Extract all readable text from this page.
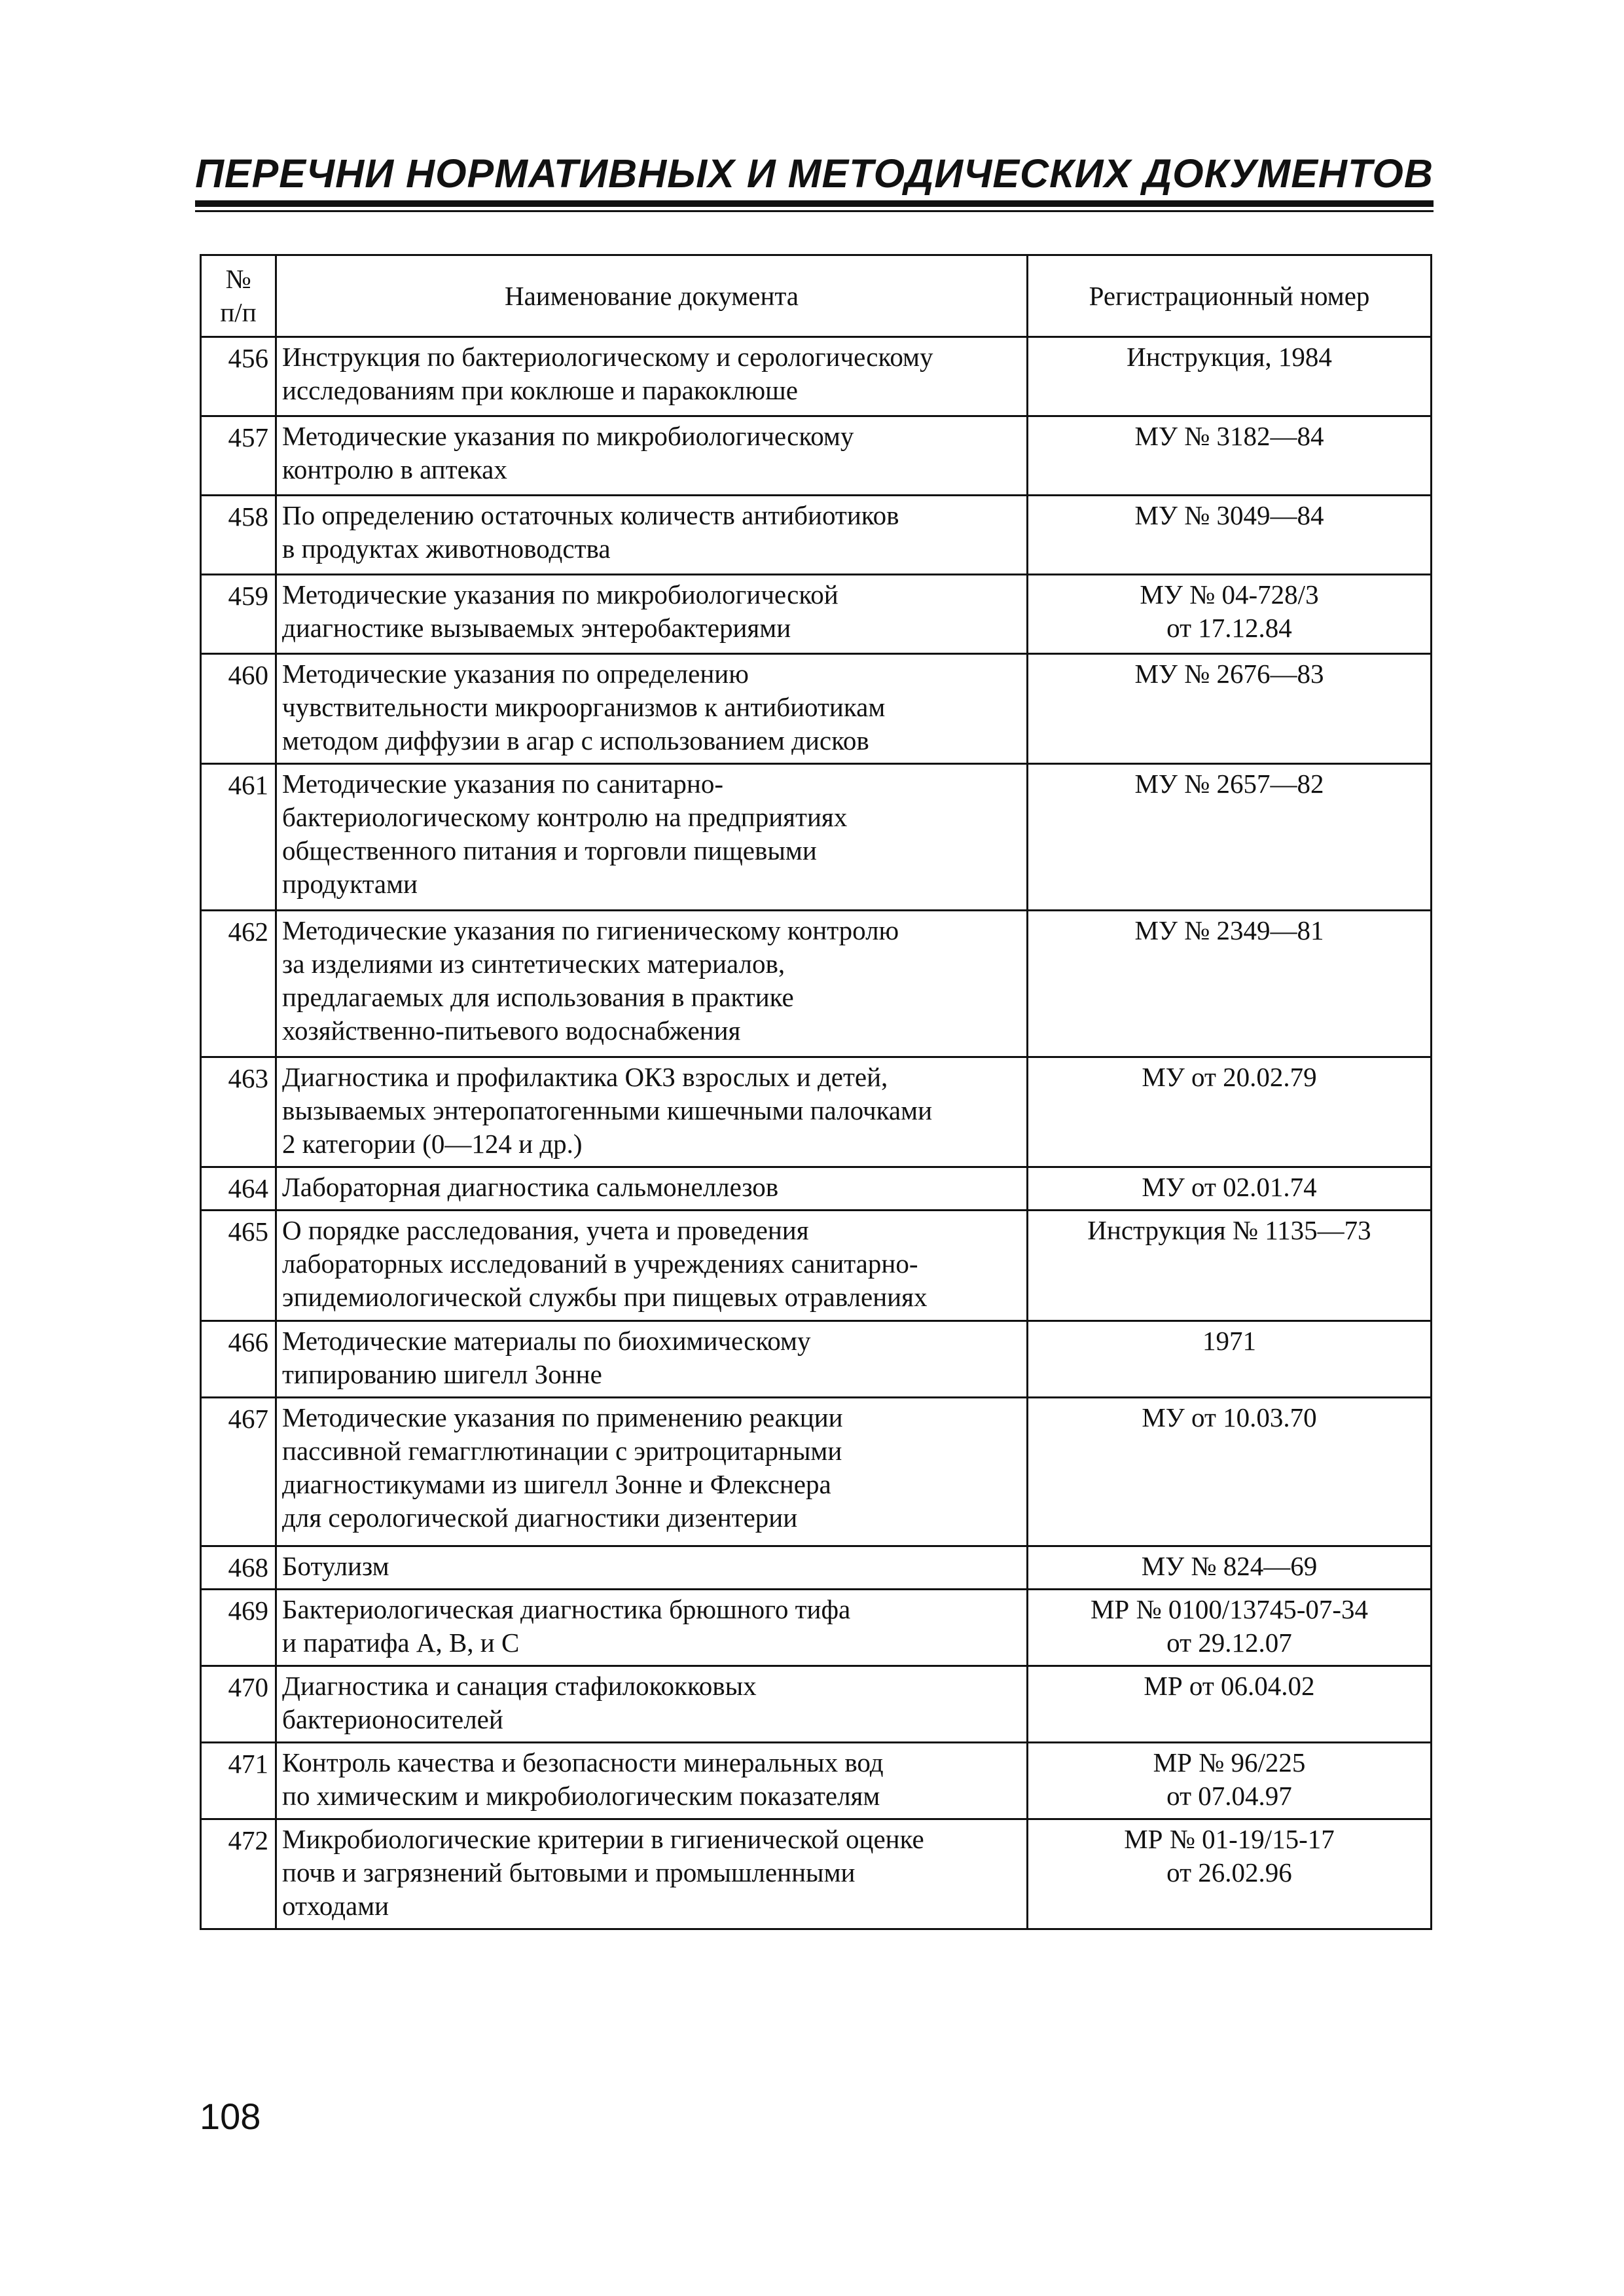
ПЕРЕЧНИ НОРМАТИВНЫХ И МЕТОДИЧЕСКИХ ДОКУМЕНТОВ
№
п/п	Наименование документа	Регистрационный номер
456	Инструкция по бактериологическому и серологическому
исследованиям при коклюше и паракоклюше	Инструкция, 1984
457	Методические указания по микробиологическому
контролю в аптеках	МУ № 3182—84
458	По определению остаточных количеств антибиотиков
в продуктах животноводства	МУ № 3049—84
459	Методические указания по микробиологической
диагностике вызываемых энтеробактериями	МУ № 04-728/3
от 17.12.84
460	Методические указания по определению
чувствительности микроорганизмов к антибиотикам
методом диффузии в агар с использованием дисков	МУ № 2676—83
461	Методические указания по санитарно-
бактериологическому контролю на предприятиях
общественного питания и торговли пищевыми
продуктами	МУ № 2657—82
462	Методические указания по гигиеническому контролю
за изделиями из синтетических материалов,
предлагаемых для использования в практике
хозяйственно-питьевого водоснабжения	МУ № 2349—81
463	Диагностика и профилактика ОКЗ взрослых и детей,
вызываемых энтеропатогенными кишечными палочками
2 категории (0—124 и др.)	МУ от 20.02.79
464	Лабораторная диагностика сальмонеллезов	МУ от 02.01.74
465	О порядке расследования, учета и проведения
лабораторных исследований в учреждениях санитарно-
эпидемиологической службы при пищевых отравлениях	Инструкция № 1135—73
466	Методические материалы по биохимическому
типированию шигелл Зонне	1971
467	Методические указания по применению реакции
пассивной гемагглютинации с эритроцитарными
диагностикумами из шигелл Зонне и Флекснера
для серологической диагностики дизентерии	МУ от 10.03.70
468	Ботулизм	МУ № 824—69
469	Бактериологическая диагностика брюшного тифа
и паратифа А, В, и С	МР № 0100/13745-07-34
от 29.12.07
470	Диагностика и санация стафилококковых
бактерионосителей	МР от 06.04.02
471	Контроль качества и безопасности минеральных вод
по химическим и микробиологическим показателям	МР № 96/225
от 07.04.97
472	Микробиологические критерии в гигиенической оценке
почв и загрязнений бытовыми и промышленными
отходами	МР № 01-19/15-17
от 26.02.96
108
